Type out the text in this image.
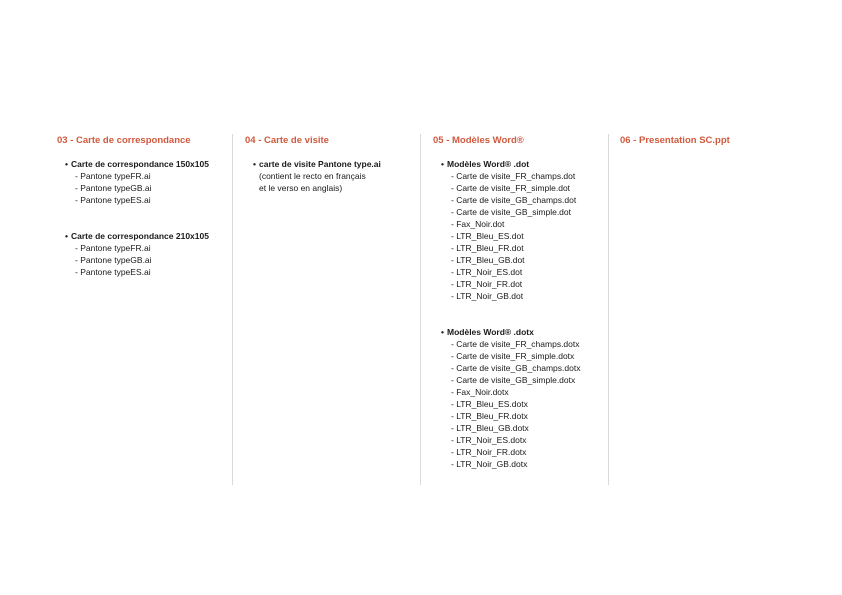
03 - Carte de correspondance
• Carte de correspondance 150x105
- Pantone typeFR.ai
- Pantone typeGB.ai
- Pantone typeES.ai
• Carte de correspondance 210x105
- Pantone typeFR.ai
- Pantone typeGB.ai
- Pantone typeES.ai
04 - Carte de visite
• carte de visite Pantone type.ai
(contient le recto en français
et le verso en anglais)
05 - Modèles Word®
• Modèles Word® .dot
- Carte de visite_FR_champs.dot
- Carte de visite_FR_simple.dot
- Carte de visite_GB_champs.dot
- Carte de visite_GB_simple.dot
- Fax_Noir.dot
- LTR_Bleu_ES.dot
- LTR_Bleu_FR.dot
- LTR_Bleu_GB.dot
- LTR_Noir_ES.dot
- LTR_Noir_FR.dot
- LTR_Noir_GB.dot
• Modèles Word® .dotx
- Carte de visite_FR_champs.dotx
- Carte de visite_FR_simple.dotx
- Carte de visite_GB_champs.dotx
- Carte de visite_GB_simple.dotx
- Fax_Noir.dotx
- LTR_Bleu_ES.dotx
- LTR_Bleu_FR.dotx
- LTR_Bleu_GB.dotx
- LTR_Noir_ES.dotx
- LTR_Noir_FR.dotx
- LTR_Noir_GB.dotx
06 - Presentation SC.ppt
